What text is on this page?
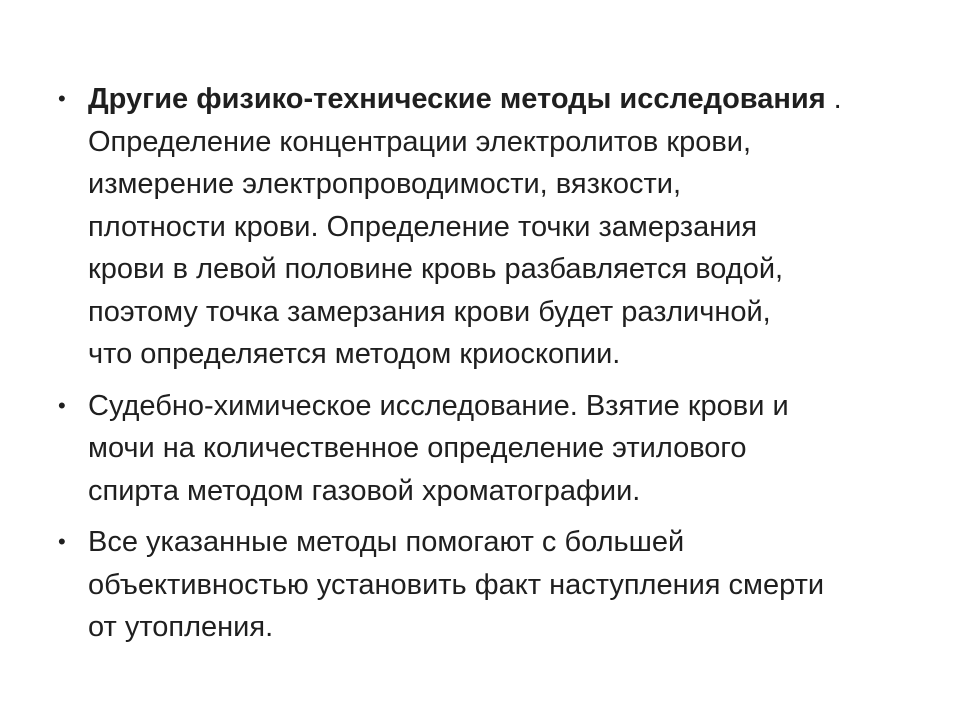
• Другие физико-технические методы исследования .
Определение концентрации электролитов крови,
измерение электропроводимости, вязкости,
плотности крови. Определение точки замерзания
крови в левой половине кровь разбавляется водой,
поэтому точка замерзания крови будет различной,
что определяется методом криоскопии.
• Судебно-химическое исследование. Взятие крови и
мочи на количественное определение этилового
спирта методом газовой хроматографии.
• Все указанные методы помогают с большей
объективностью установить факт наступления смерти
от утопления.
